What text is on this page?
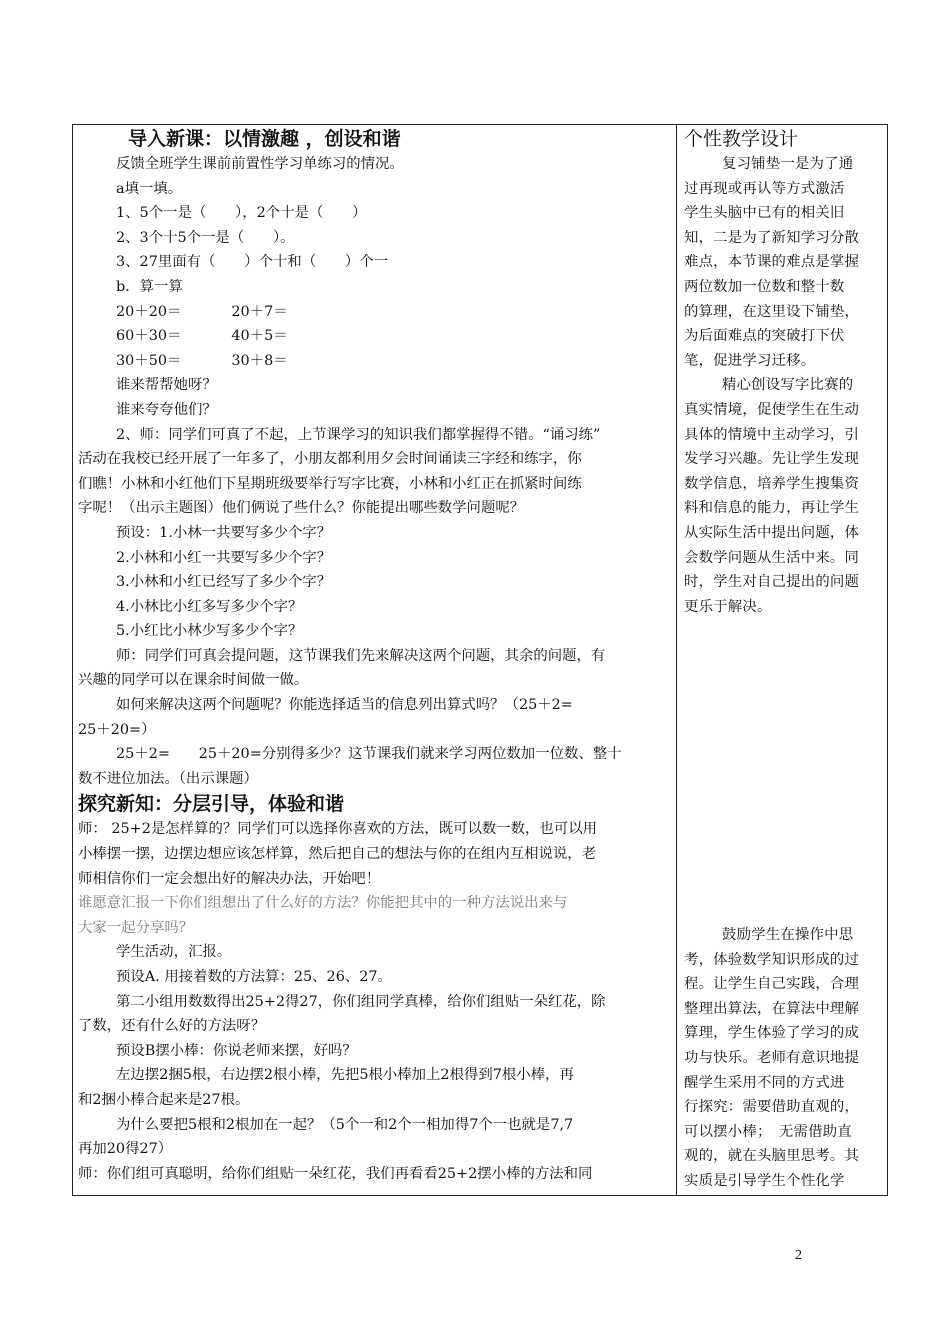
导入新课：以情激趣 ，创设和谐
反馈全班学生课前前置性学习单练习的情况。
a填一填。
1、5个一是（　　），2个十是（　　）
2、3个十5个一是（　　）。
3、27里面有（　　）个十和（　　）个一
b．算一算
20＋20＝	20＋7＝
60＋30＝	40＋5＝
30＋50＝	30＋8＝
谁来帮帮她呀？
谁来夸夸他们？
2、师：同学们可真了不起，上节课学习的知识我们都掌握得不错。“诵习练”
活动在我校已经开展了一年多了，小朋友都利用夕会时间诵读三字经和练字，你
们瞧！小林和小红他们下星期班级要举行写字比赛，小林和小红正在抓紧时间练
字呢！（出示主题图）他们俩说了些什么？你能提出哪些数学问题呢？
预设：1.小林一共要写多少个字？
2.小林和小红一共要写多少个字？
3.小林和小红已经写了多少个字？
4.小林比小红多写多少个字？
5.小红比小林少写多少个字？
师：同学们可真会提问题，这节课我们先来解决这两个问题，其余的问题，有
兴趣的同学可以在课余时间做一做。
如何来解决这两个问题呢？你能选择适当的信息列出算式吗？（25＋2=
25＋20=）
25＋2=　　25＋20=分别得多少？这节课我们就来学习两位数加一位数、整十
数不进位加法。（出示课题）
探究新知：分层引导，体验和谐
师： 25+2是怎样算的？同学们可以选择你喜欢的方法，既可以数一数，也可以用
小棒摆一摆，边摆边想应该怎样算，然后把自己的想法与你的在组内互相说说，老
师相信你们一定会想出好的解决办法，开始吧！
谁愿意汇报一下你们组想出了什么好的方法？你能把其中的一种方法说出来与
大家一起分享吗？
学生活动，汇报。
预设A. 用接着数的方法算：25、26、27。
第二小组用数数得出25+2得27，你们组同学真棒，给你们组贴一朵红花，除
了数，还有什么好的方法呀？
预设B摆小棒：你说老师来摆，好吗？
左边摆2捆5根，右边摆2根小棒，先把5根小棒加上2根得到7根小棒，再
和2捆小棒合起来是27根。
为什么要把5根和2根加在一起？（5个一和2个一相加得7个一也就是7,7
再加20得27）
师：你们组可真聪明，给你们组贴一朵红花，我们再看看25+2摆小棒的方法和同
个性教学设计
复习铺垫一是为了通
过再现或再认等方式激活
学生头脑中已有的相关旧
知，二是为了新知学习分散
难点，本节课的难点是掌握
两位数加一位数和整十数
的算理，在这里设下铺垫，
为后面难点的突破打下伏
笔，促进学习迁移。
精心创设写字比赛的
真实情境，促使学生在生动
具体的情境中主动学习，引
发学习兴趣。先让学生发现
数学信息，培养学生搜集资
料和信息的能力，再让学生
从实际生活中提出问题，体
会数学问题从生活中来。同
时，学生对自己提出的问题
更乐于解决。
鼓励学生在操作中思
考，体验数学知识形成的过
程。让学生自己实践，合理
整理出算法，在算法中理解
算理，学生体验了学习的成
功与快乐。老师有意识地提
醒学生采用不同的方式进
行探究：需要借助直观的，
可以摆小棒；　无需借助直
观的，就在头脑里思考。其
实质是引导学生个性化学
2
